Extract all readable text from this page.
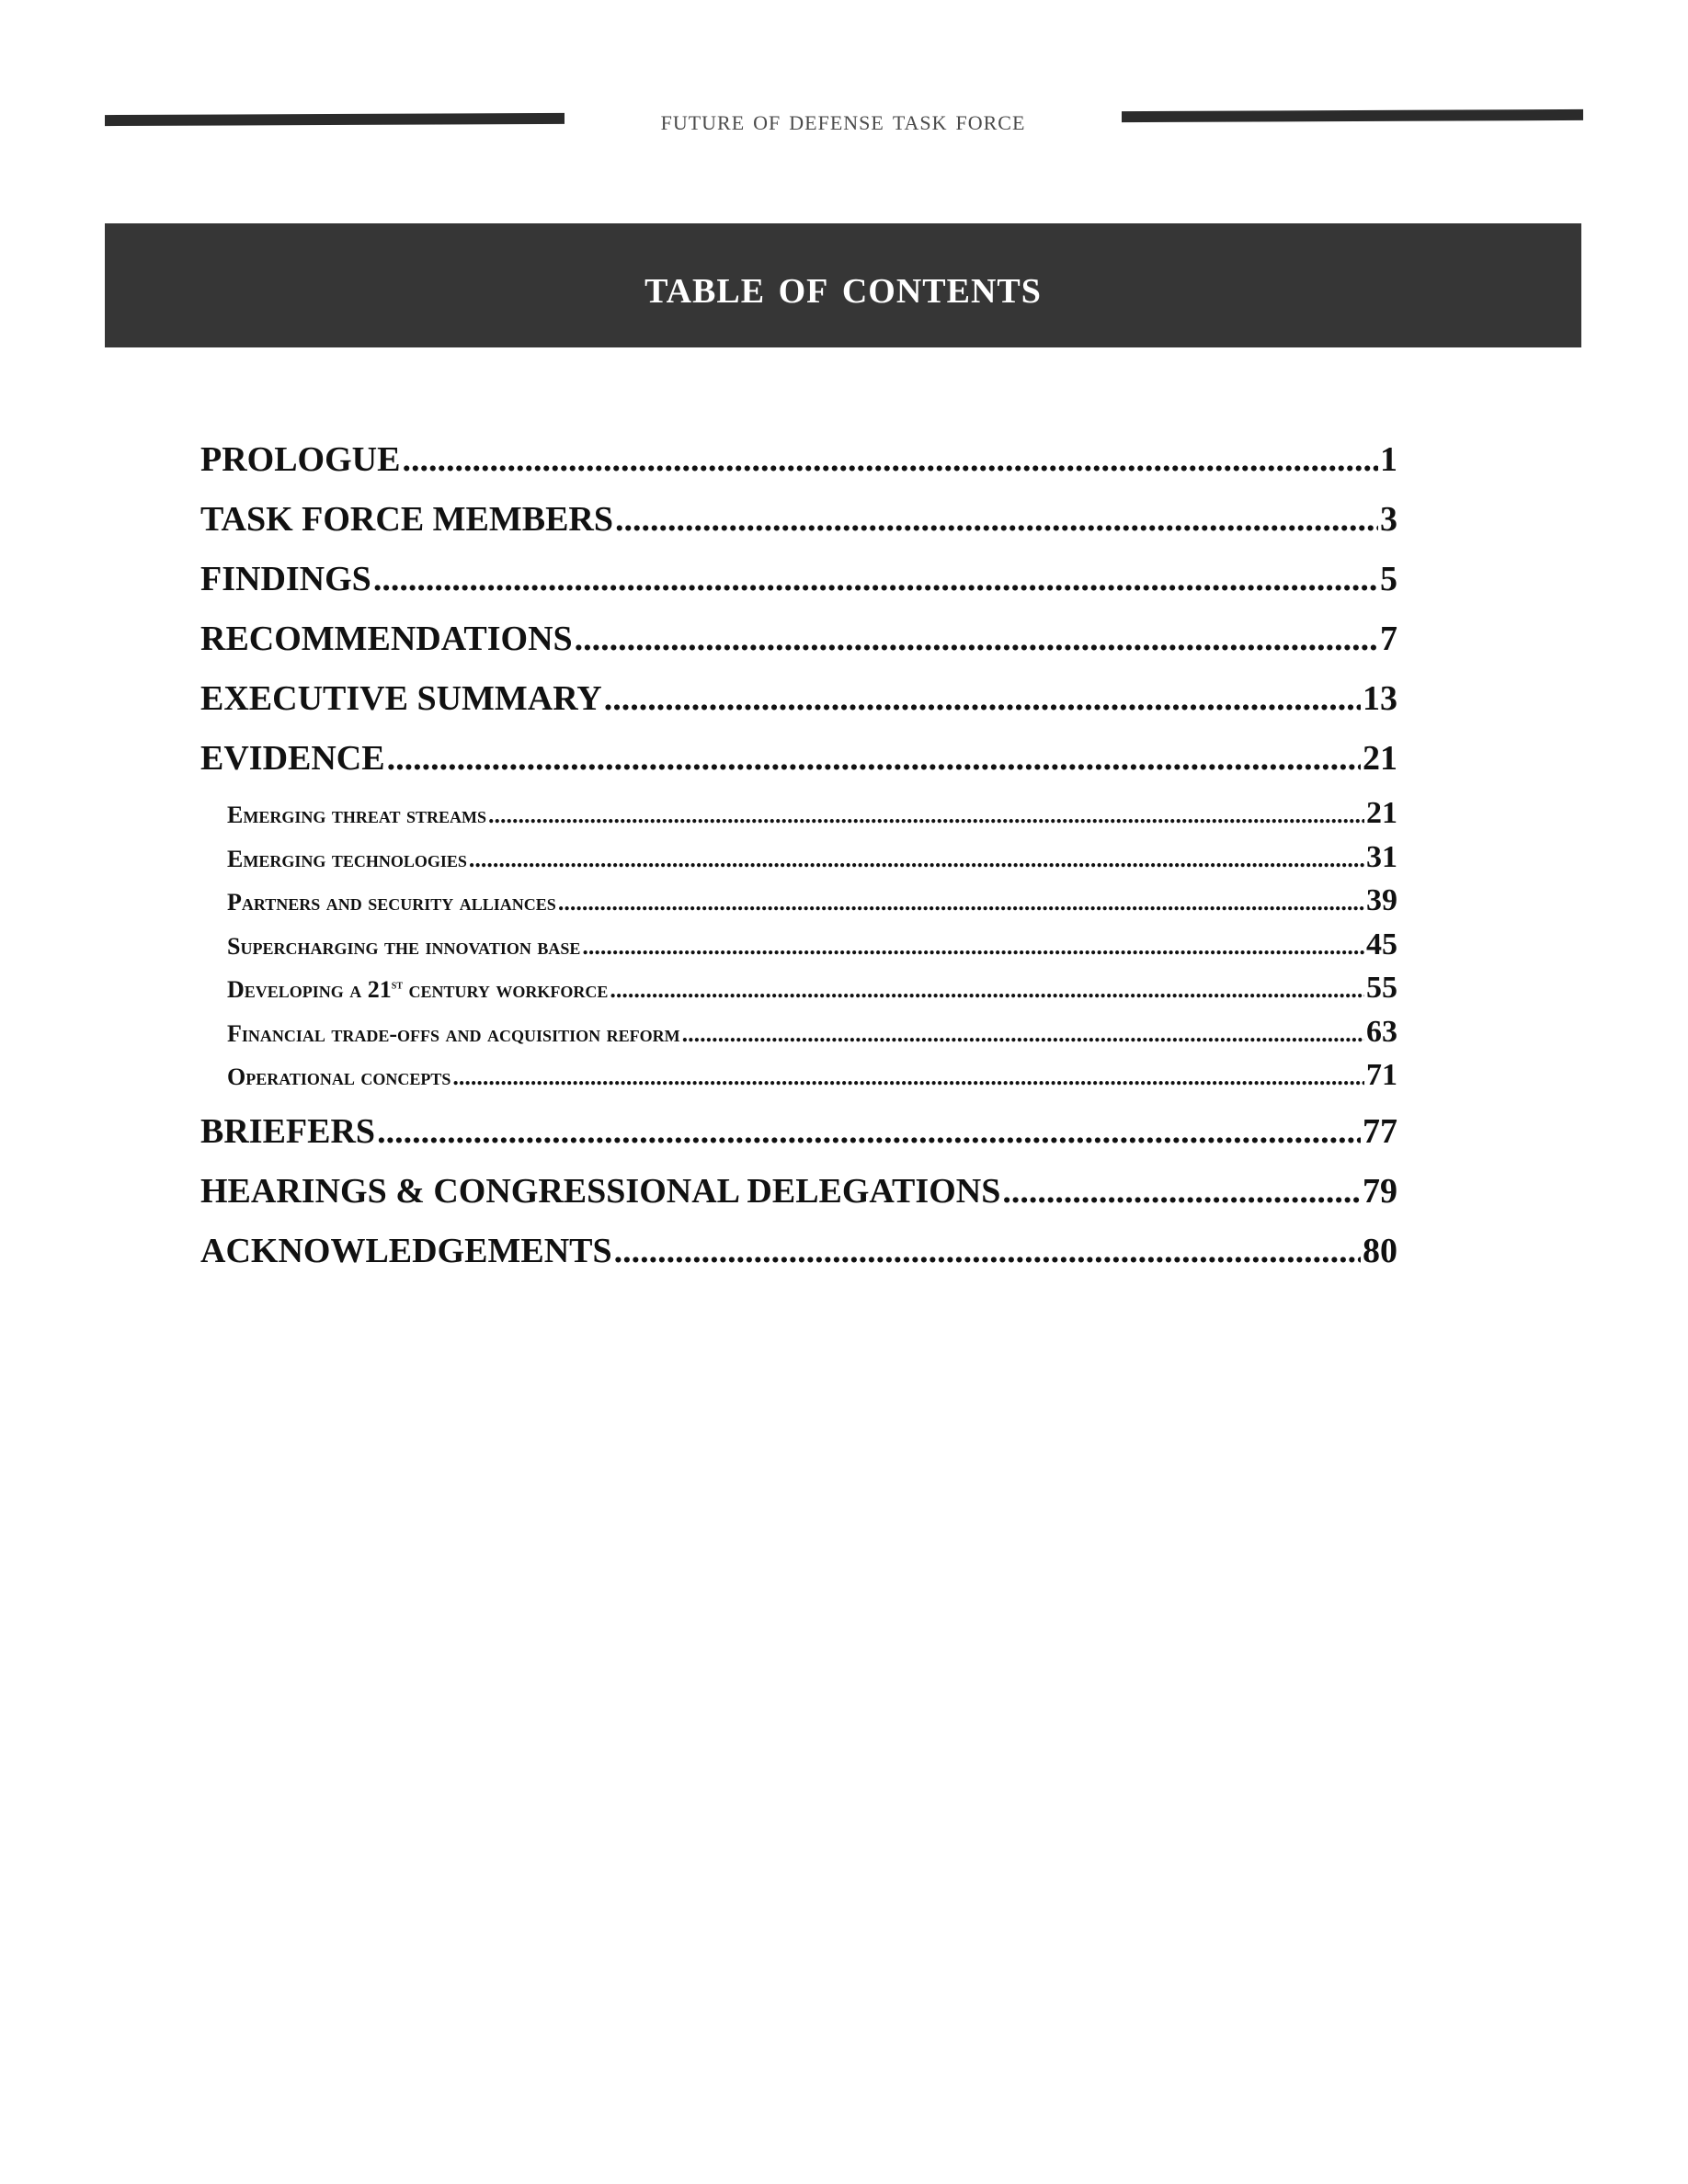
future of defense task force
table of contents
PROLOGUE .....	1
TASK FORCE MEMBERS .....	3
FINDINGS .....	5
RECOMMENDATIONS .....	7
EXECUTIVE SUMMARY .....	13
EVIDENCE .....	21
Emerging threat streams .....	21
Emerging technologies .....	31
Partners and security alliances .....	39
Supercharging the innovation base .....	45
Developing a 21st century workforce .....	55
Financial trade-offs and acquisition reform .....	63
Operational concepts .....	71
BRIEFERS .....	77
HEARINGS & CONGRESSIONAL DELEGATIONS .....	79
ACKNOWLEDGEMENTS .....	80
